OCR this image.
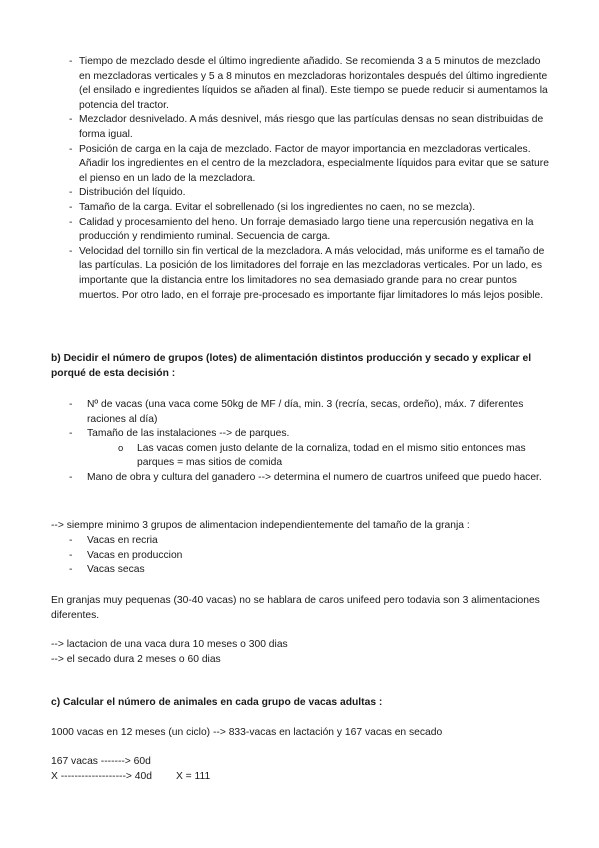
- Tiempo de mezclado desde el último ingrediente añadido. Se recomienda 3 a 5 minutos de mezclado en mezcladoras verticales y 5 a 8 minutos en mezcladoras horizontales después del último ingrediente (el ensilado e ingredientes líquidos se añaden al final). Este tiempo se puede reducir si aumentamos la potencia del tractor.
- Mezclador desnivelado. A más desnivel, más riesgo que las partículas densas no sean distribuidas de forma igual.
- Posición de carga en la caja de mezclado. Factor de mayor importancia en mezcladoras verticales. Añadir los ingredientes en el centro de la mezcladora, especialmente líquidos para evitar que se sature el pienso en un lado de la mezcladora.
- Distribución del líquido.
- Tamaño de la carga. Evitar el sobrellenado (si los ingredientes no caen, no se mezcla).
- Calidad y procesamiento del heno. Un forraje demasiado largo tiene una repercusión negativa en la producción y rendimiento ruminal. Secuencia de carga.
- Velocidad del tornillo sin fin vertical de la mezcladora. A más velocidad, más uniforme es el tamaño de las partículas. La posición de los limitadores del forraje en las mezcladoras verticales. Por un lado, es importante que la distancia entre los limitadores no sea demasiado grande para no crear puntos muertos. Por otro lado, en el forraje pre-procesado es importante fijar limitadores lo más lejos posible.
b) Decidir el número de grupos (lotes) de alimentación distintos producción y secado y explicar el porqué de esta decisión :
- Nº de vacas (una vaca come 50kg de MF / día, min. 3 (recría, secas, ordeño), máx. 7 diferentes raciones al día)
- Tamaño de las instalaciones --> de parques.
o Las vacas comen justo delante de la cornaliza, todad en el mismo sitio entonces mas parques = mas sitios de comida
- Mano de obra y cultura del ganadero --> determina el numero de cuartros unifeed que puedo hacer.
--> siempre minimo 3 grupos de alimentacion independientemente del tamaño de la granja :
- Vacas en recria
- Vacas en produccion
- Vacas secas
En granjas muy pequenas (30-40 vacas) no se hablara de caros unifeed pero todavia son 3 alimentaciones diferentes.
--> lactacion de una vaca dura 10 meses o 300 dias
--> el secado dura 2 meses o 60 dias
c) Calcular el número de animales en cada grupo de vacas adultas :
1000 vacas en 12 meses (un ciclo) --> 833-vacas en lactación y 167 vacas en secado
167 vacas -------> 60d
X -------------------> 40d X = 111
